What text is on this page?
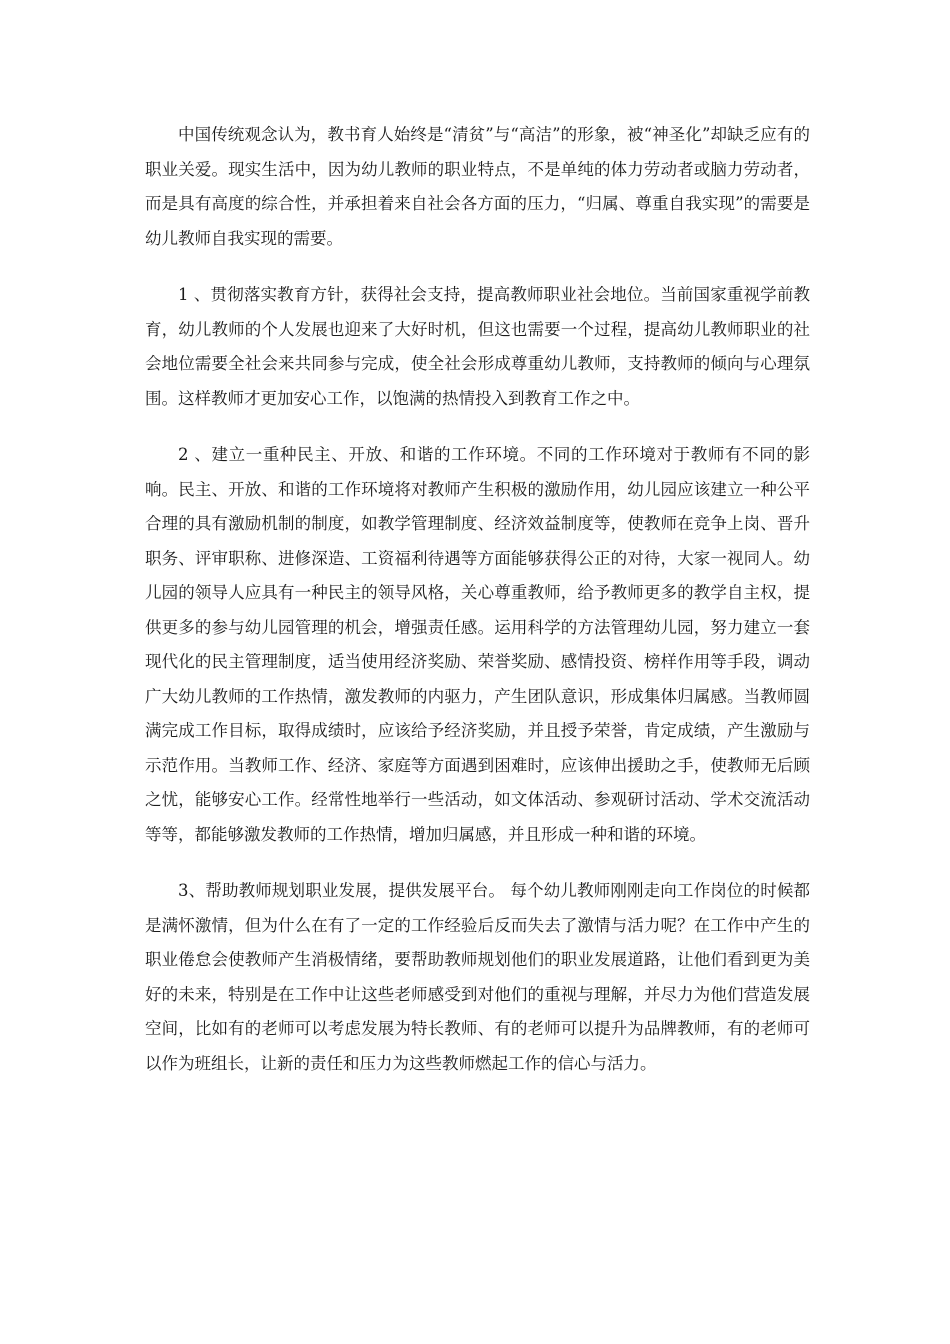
中国传统观念认为，教书育人始终是“清贫”与“高洁”的形象，被“神圣化”却缺乏应有的职业关爱。现实生活中，因为幼儿教师的职业特点，不是单纯的体力劳动者或脑力劳动者，而是具有高度的综合性，并承担着来自社会各方面的压力，“归属、尊重自我实现”的需要是幼儿教师自我实现的需要。

1 、贯彻落实教育方针，获得社会支持，提高教师职业社会地位。当前国家重视学前教育，幼儿教师的个人发展也迎来了大好时机，但这也需要一个过程，提高幼儿教师职业的社会地位需要全社会来共同参与完成，使全社会形成尊重幼儿教师，支持教师的倾向与心理氛围。这样教师才更加安心工作，以饱满的热情投入到教育工作之中。

2 、建立一重种民主、开放、和谐的工作环境。不同的工作环境对于教师有不同的影响。民主、开放、和谐的工作环境将对教师产生积极的激励作用，幼儿园应该建立一种公平合理的具有激励机制的制度，如教学管理制度、经济效益制度等，使教师在竞争上岗、晋升职务、评审职称、进修深造、工资福利待遇等方面能够获得公正的对待，大家一视同人。幼儿园的领导人应具有一种民主的领导风格，关心尊重教师，给予教师更多的教学自主权，提供更多的参与幼儿园管理的机会，增强责任感。运用科学的方法管理幼儿园，努力建立一套现代化的民主管理制度，适当使用经济奖励、荣誉奖励、感情投资、榜样作用等手段，调动广大幼儿教师的工作热情，激发教师的内驱力，产生团队意识，形成集体归属感。当教师圆满完成工作目标，取得成绩时，应该给予经济奖励，并且授予荣誉，肯定成绩，产生激励与示范作用。当教师工作、经济、家庭等方面遇到困难时，应该伸出援助之手，使教师无后顾之忧，能够安心工作。经常性地举行一些活动，如文体活动、参观研讨活动、学术交流活动等等，都能够激发教师的工作热情，增加归属感，并且形成一种和谐的环境。

3、帮助教师规划职业发展，提供发展平台。 每个幼儿教师刚刚走向工作岗位的时候都是满怀激情，但为什么在有了一定的工作经验后反而失去了激情与活力呢？在工作中产生的职业倦怠会使教师产生消极情绪，要帮助教师规划他们的职业发展道路，让他们看到更为美好的未来，特别是在工作中让这些老师感受到对他们的重视与理解，并尽力为他们营造发展空间，比如有的老师可以考虑发展为特长教师、有的老师可以提升为品牌教师，有的老师可以作为班组长，让新的责任和压力为这些教师燃起工作的信心与活力。
